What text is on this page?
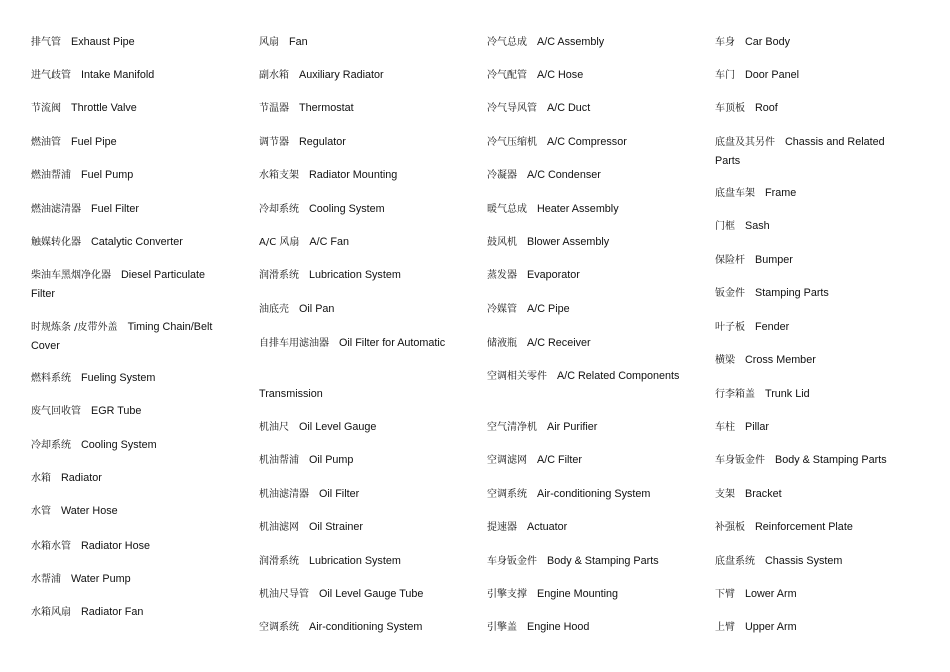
排气管 Exhaust Pipe
进气歧管 Intake Manifold
节流阀 Throttle Valve
燃油管 Fuel Pipe
燃油帮浦 Fuel Pump
燃油滤清器 Fuel Filter
触媒转化器 Catalytic Converter
柴油车黑烟净化器 Diesel Particulate Filter
时规炼条 /皮带外盖 Timing Chain/Belt Cover
燃料系统 Fueling System
废气回收管 EGR Tube
冷却系统 Cooling System
水箱 Radiator
水管 Water Hose
水箱水管 Radiator Hose
水帮浦 Water Pump
水箱风扇 Radiator Fan
风扇 Fan
副水箱 Auxiliary Radiator
节温器 Thermostat
调节器 Regulator
水箱支架 Radiator Mounting
冷却系统 Cooling System
A/C 风扇 A/C Fan
润滑系统 Lubrication System
油底壳 Oil Pan
自排车用滤油器 Oil Filter for Automatic
Transmission
机油尺 Oil Level Gauge
机油帮浦 Oil Pump
机油滤清器 Oil Filter
机油滤网 Oil Strainer
润滑系统 Lubrication System
机油尺导管 Oil Level Gauge Tube
空调系统 Air-conditioning System
冷气总成 A/C Assembly
冷气配管 A/C Hose
冷气导风管 A/C Duct
冷气压缩机 A/C Compressor
冷凝器 A/C Condenser
暖气总成 Heater Assembly
鼓风机 Blower Assembly
蒸发器 Evaporator
冷媒管 A/C Pipe
储液瓶 A/C Receiver
空调相关零件 A/C Related Components
空气清净机 Air Purifier
空调滤网 A/C Filter
空调系统 Air-conditioning System
提速器 Actuator
车身钣金件 Body & Stamping Parts
引擎支撑 Engine Mounting
引擎盖 Engine Hood
车身 Car Body
车门 Door Panel
车顶板 Roof
底盘及其另件 Chassis and Related Parts
底盘车架 Frame
门框 Sash
保险杆 Bumper
钣金件 Stamping Parts
叶子板 Fender
横梁 Cross Member
行李箱盖 Trunk Lid
车柱 Pillar
车身钣金件 Body & Stamping Parts
支架 Bracket
补强板 Reinforcement Plate
底盘系统 Chassis System
下臂 Lower Arm
上臂 Upper Arm
